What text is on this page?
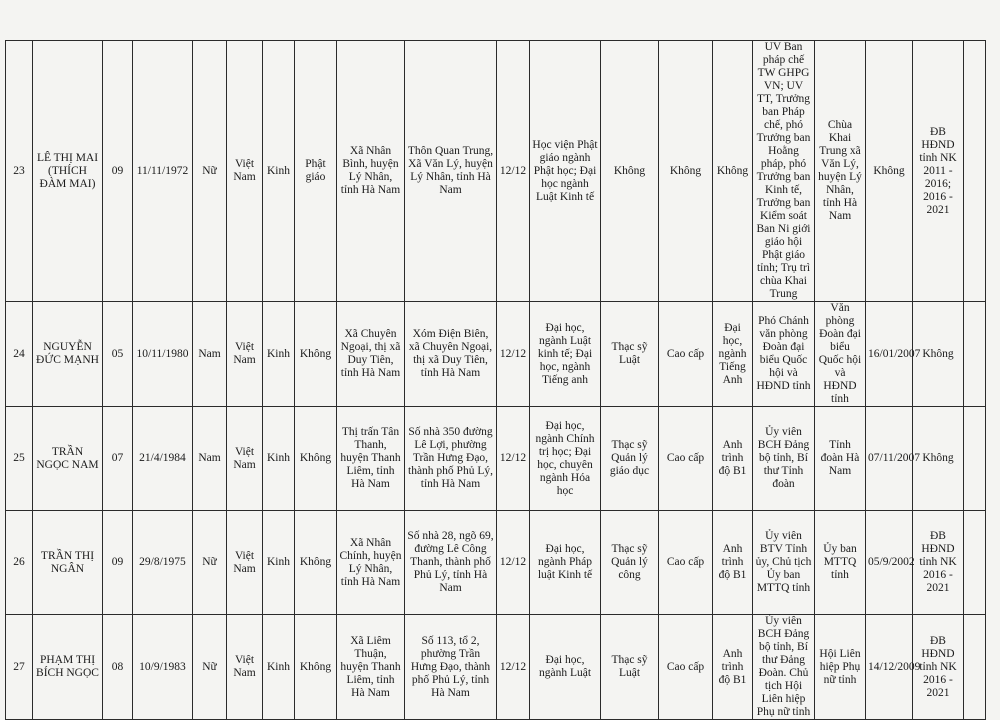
23	LÊ THỊ MAI (THÍCH ĐÀM MAI)	09	11/11/1972	Nữ	Việt Nam	Kinh	Phật giáo	Xã Nhân Bình, huyện Lý Nhân, tỉnh Hà Nam	Thôn Quan Trung, Xã Văn Lý, huyện Lý Nhân, tỉnh Hà Nam	12/12	Học viện Phật giáo ngành Phật học; Đại học ngành Luật Kinh tế	Không	Không	Không	UV Ban pháp chế TW GHPG VN; UV TT, Trưởng ban Pháp chế, phó Trưởng ban Hoằng pháp, phó Trưởng ban Kinh tế, Trưởng ban Kiểm soát Ban Ni giới giáo hội Phật giáo tỉnh; Trụ trì chùa Khai Trung	Chùa Khai Trung xã Văn Lý, huyện Lý Nhân, tỉnh Hà Nam	Không	ĐB HĐND tỉnh NK 2011 - 2016; 2016 - 2021	
24	NGUYỄN ĐỨC MẠNH	05	10/11/1980	Nam	Việt Nam	Kinh	Không	Xã Chuyên Ngoại, thị xã Duy Tiên, tỉnh Hà Nam	Xóm Điện Biên, xã Chuyên Ngoại, thị xã Duy Tiên, tỉnh Hà Nam	12/12	Đại học, ngành Luật kinh tế; Đại học, ngành Tiếng anh	Thạc sỹ Luật	Cao cấp	Đại học, ngành Tiếng Anh	Phó Chánh văn phòng Đoàn đại biểu Quốc hội và HĐND tỉnh	Văn phòng Đoàn đại biểu Quốc hội và HĐND tỉnh	16/01/2007	Không	
25	TRẦN NGỌC NAM	07	21/4/1984	Nam	Việt Nam	Kinh	Không	Thị trấn Tân Thanh, huyện Thanh Liêm, tỉnh Hà Nam	Số nhà 350 đường Lê Lợi, phường Trần Hưng Đạo, thành phố Phủ Lý, tỉnh Hà Nam	12/12	Đại học, ngành Chính trị học; Đại học, chuyên ngành Hóa học	Thạc sỹ Quản lý giáo dục	Cao cấp	Anh trình độ B1	Ủy viên BCH Đảng bộ tỉnh, Bí thư Tỉnh đoàn	Tỉnh đoàn Hà Nam	07/11/2007	Không	
26	TRẦN THỊ NGÂN	09	29/8/1975	Nữ	Việt Nam	Kinh	Không	Xã Nhân Chính, huyện Lý Nhân, tỉnh Hà Nam	Số nhà 28, ngõ 69, đường Lê Công Thanh, thành phố Phủ Lý, tỉnh Hà Nam	12/12	Đại học, ngành Pháp luật Kinh tế	Thạc sỹ Quản lý công	Cao cấp	Anh trình độ B1	Ủy viên BTV Tỉnh ủy, Chủ tịch Ủy ban MTTQ tỉnh	Ủy ban MTTQ tỉnh	05/9/2002	ĐB HĐND tỉnh NK 2016 - 2021	
27	PHẠM THỊ BÍCH NGỌC	08	10/9/1983	Nữ	Việt Nam	Kinh	Không	Xã Liêm Thuận, huyện Thanh Liêm, tỉnh Hà Nam	Số 113, tổ 2, phường Trần Hưng Đạo, thành phố Phủ Lý, tỉnh Hà Nam	12/12	Đại học, ngành Luật	Thạc sỹ Luật	Cao cấp	Anh trình độ B1	Ủy viên BCH Đảng bộ tỉnh, Bí thư Đảng Đoàn. Chủ tịch Hội Liên hiệp Phụ nữ tỉnh	Hội Liên hiệp Phụ nữ tỉnh	14/12/2009	ĐB HĐND tỉnh NK 2016 - 2021	
